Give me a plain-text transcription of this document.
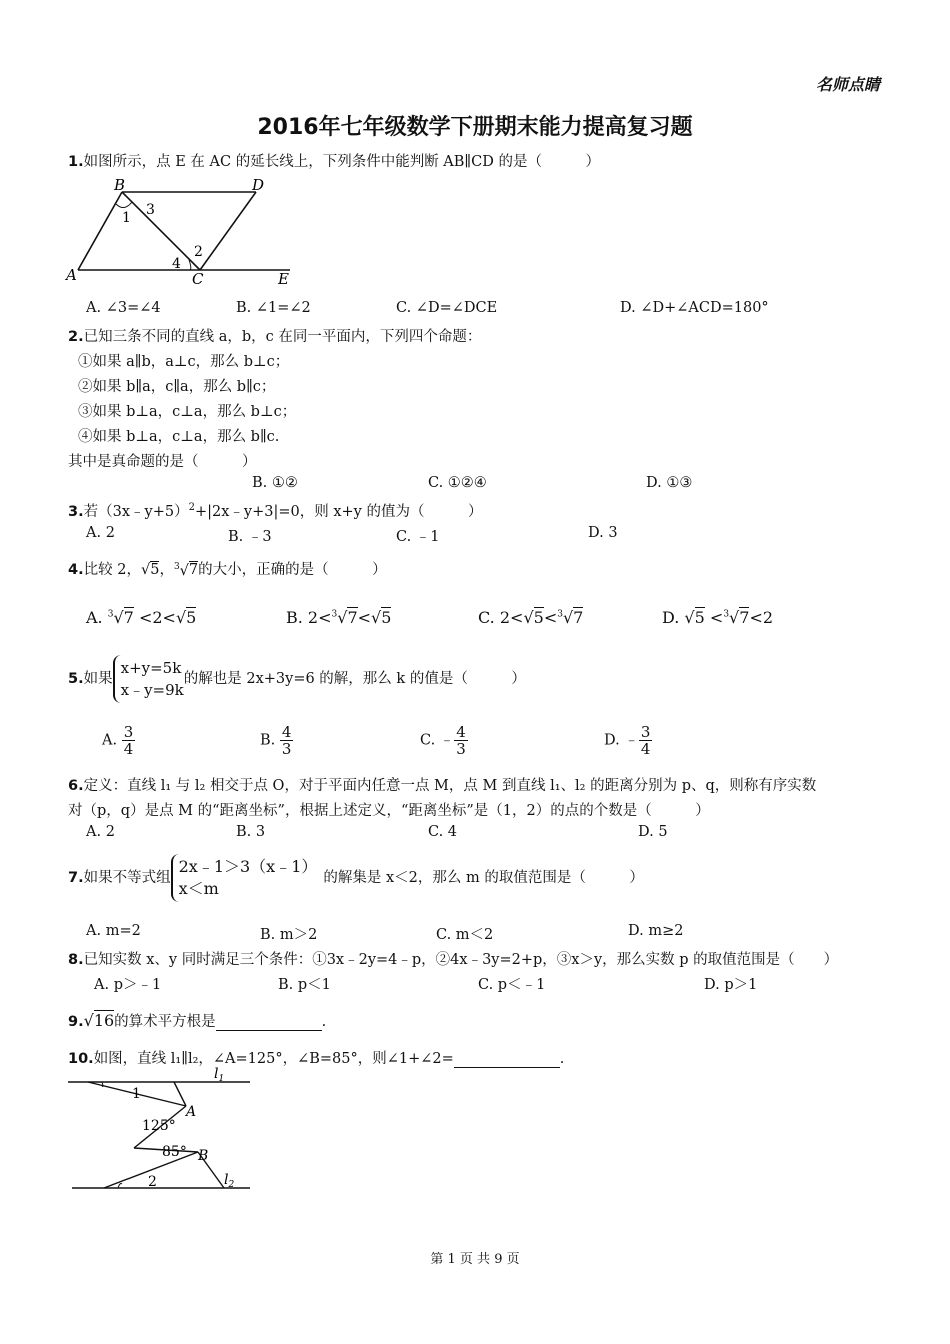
名师点睛
2016年七年级数学下册期末能力提高复习题
1.如图所示，点 E 在 AC 的延长线上，下列条件中能判断 AB∥CD 的是（　　　）
A
B
C
D
E
1 3
2
4
A. ∠3=∠4	B. ∠1=∠2	C. ∠D=∠DCE	D. ∠D+∠ACD=180°
2.已知三条不同的直线 a，b，c 在同一平面内，下列四个命题：
①如果 a∥b，a⊥c，那么 b⊥c；
②如果 b∥a，c∥a，那么 b∥c；
③如果 b⊥a，c⊥a，那么 b⊥c；
④如果 b⊥a，c⊥a，那么 b∥c.
其中是真命题的是（　　　）
B. ①②	C. ①②④	D. ①③
3.若（3x﹣y+5）$^2$+|2x﹣y+3|=0，则 x+y 的值为（　　　）
A. 2	B. ﹣3	C. ﹣1	D. 3
4.比较 2，√5，$^3$√7的大小，正确的是（　　　）
A. $^3$√7 <2<√5	B. 2<$^3$√7<√5	C. 2<√5<$^3$√7	D. √5 <$^3$√7<2
5.如果
x+y=5k
x﹣y=9k
的解也是 2x+3y=6 的解，那么 k 的值是（　　　）
A. $\frac{3}{4}$	B. $\frac{4}{3}$	C. ﹣ $\frac{4}{3}$	D. ﹣ $\frac{3}{4}$
6.定义：直线 l₁ 与 l₂ 相交于点 O，对于平面内任意一点 M，点 M 到直线 l₁、l₂ 的距离分别为 p、q，则称有序实数
对（p，q）是点 M 的“距离坐标”，根据上述定义，“距离坐标”是（1，2）的点的个数是（　　　）
A. 2	B. 3	C. 4	D. 5
7.如果不等式组
2x﹣1＞3（x﹣1）
x＜m
的解集是 x＜2，那么 m 的取值范围是（　　　）
A. m=2	B. m＞2	C. m＜2	D. m≥2
8.已知实数 x、y 同时满足三个条件：①3x﹣2y=4﹣p，②4x﹣3y=2+p，③x＞y，那么实数 p 的取值范围是（　　）
A. p＞﹣1	B. p＜1	C. p＜﹣1	D. p＞1
9.√16的算术平方根是	.
10.如图，直线 l₁∥l₂，∠A=125°，∠B=85°，则∠1+∠2=	.
$l_1$
$l_2$
A
B
125°
85°
1
2
第 1 页 共 9 页
